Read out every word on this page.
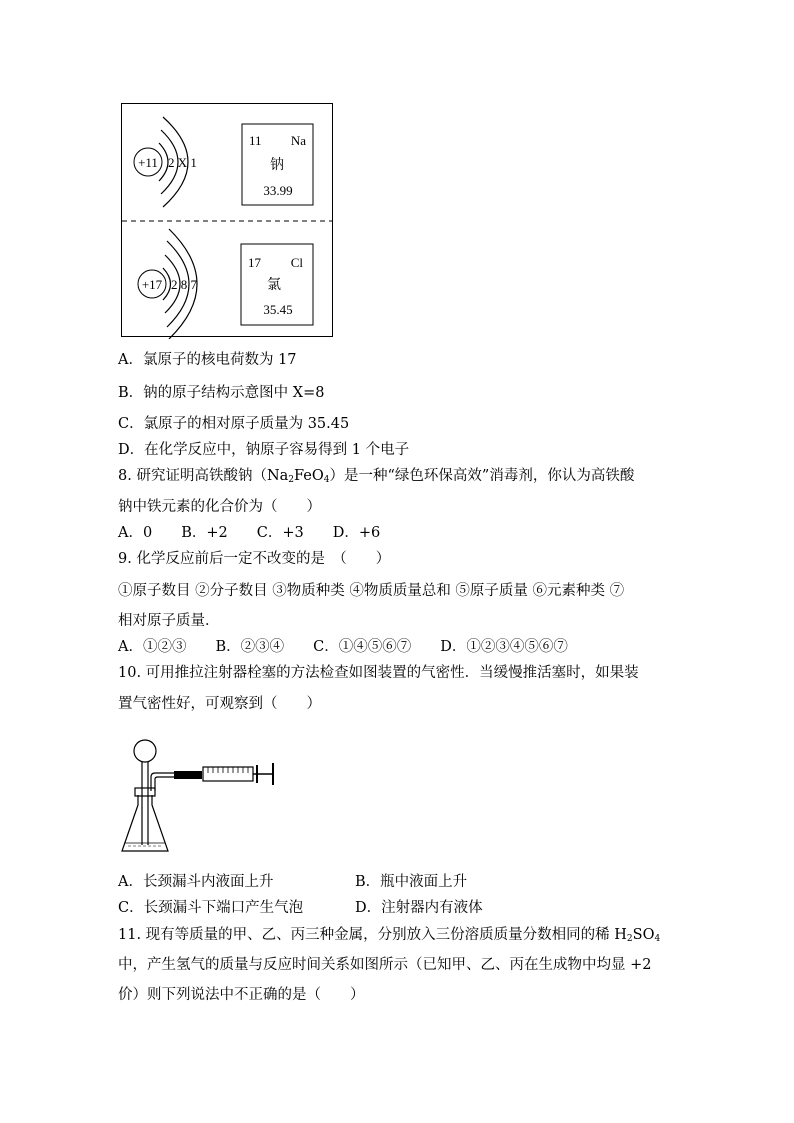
+11 2 X 1
11 Na
钠
33.99
+17 2 8 7
17 Cl
氯
35.45
A．氯原子的核电荷数为 17
B．钠的原子结构示意图中 X=8
C．氯原子的相对原子质量为 35.45
D．在化学反应中，钠原子容易得到 1 个电子
8. 研究证明高铁酸钠$(Na_2FeO_4)$是一种“绿色环保高效”消毒剂，你认为高铁酸
钠中铁元素的化合价为（　　）
A．0　　B．+2　　C．+3　　D．+6
9. 化学反应前后一定不改变的是　（　　）
①原子数目 ②分子数目 ③物质种类 ④物质质量总和 ⑤原子质量 ⑥元素种类 ⑦
相对原子质量．
A．①②③　　B．②③④　　C．①④⑤⑥⑦　　D．①②③④⑤⑥⑦
10. 可用推拉注射器栓塞的方法检查如图装置的气密性．当缓慢推活塞时，如果装
置气密性好，可观察到（　　）
A．长颈漏斗内液面上升	B．瓶中液面上升
C．长颈漏斗下端口产生气泡	D．注射器内有液体
11. 现有等质量的甲、乙、丙三种金属，分别放入三份溶质质量分数相同的稀 $H_2SO_4$
中，产生氢气的质量与反应时间关系如图所示（已知甲、乙、丙在生成物中均显 +2
价）则下列说法中不正确的是（　　）
